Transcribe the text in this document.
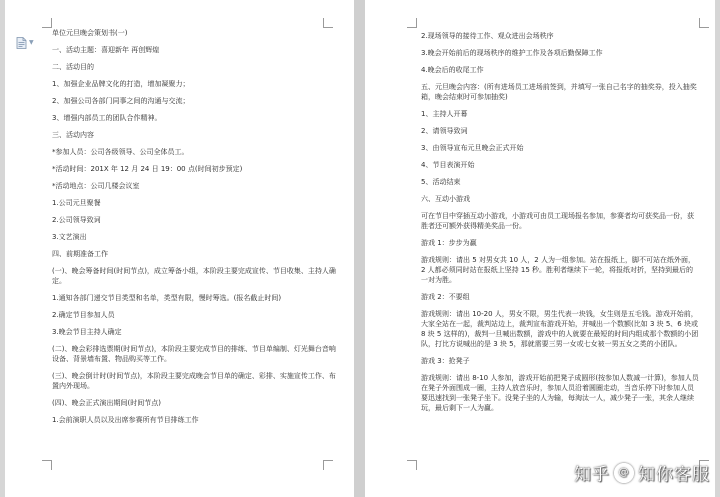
▼
单位元旦晚会策划书(一)
一、活动主题：喜迎新年 再创辉煌
二、活动目的
1、加强企业品牌文化的打造，增加凝聚力；
2、加强公司各部门同事之间的沟通与交流；
3、增强内部员工的团队合作精神。
三、活动内容
*参加人员：公司各级领导、公司全体员工。
*活动时间：201X 年 12 月 24 日 19：00 点(时间初步预定)
*活动地点：公司几楼会议室
1.公司元旦聚餐
2.公司领导致词
3.文艺演出
四、前期准备工作
(一)、晚会筹备时间(时间节点)，成立筹备小组，本阶段主要完成宣传、节目收集、主持人确定。
1.通知各部门递交节目类型和名单，类型有限，慢时筹选。(报名截止时间)
2.确定节目参加人员
3.晚会节目主持人确定
(二)、晚会彩排选票期(时间节点)，本阶段主要完成节目的排练、节目单编制、灯光舞台音响设备、背景墙布置、物品购买等工作。
(三)、晚会倒计时(时间节点)，本阶段主要完成晚会节目单的确定、彩排、实施宣传工作、布置内外现场。
(四)、晚会正式演出期间(时间节点)
1.会前演职人员以及出席参赛所有节目排练工作
2.现场领导的接待工作、观众进出会场秩序
3.晚会开始前后的现场秩序的维护工作及各项后勤保障工作
4.晚会后的收尾工作
五、元旦晚会内容：(所有进场员工进场前签到，并填写一张自己名字的抽奖券，投入抽奖箱，晚会结束时可参加抽奖)
1、主持人开幕
2、请领导致词
3、由领导宣布元旦晚会正式开始
4、节目表演开始
5、活动结束
六、互动小游戏
可在节目中穿插互动小游戏，小游戏可由员工现场报名参加，参赛者均可获奖品一份，获胜者还可额外获得精美奖品一份。
游戏 1：步步为赢
游戏规则：请出 5 对男女共 10 人，2 人为一组参加。站在报纸上，脚不可站在纸外面，2 人都必须同时站在报纸上坚持 15 秒。胜利者继续下一轮，将报纸对折，坚持到最后的一对为胜。
游戏 2：不要组
游戏规则：请出 10-20 人，男女不限，男生代表一块钱，女生则是五毛钱。游戏开始前，大家全站在一起，裁判站边上，裁判宣布游戏开始，并喊出一个数额(比如 3 块 5、6 块或 8 块 5 这样的)，裁判一旦喊出数额，游戏中的人就要在最短的时间内组成那个数额的小团队，打比方说喊出的是 3 块 5，那就需要三男一女或七女被一男五女之类的小团队。
游戏 3：抢凳子
游戏规则：请出 8-10 人参加，游戏开始前把凳子成圆形(按参加人数减一计算)，参加人员在凳子外面围成一圈，主持人放音乐时，参加人员沿着圆圈走动，当音乐停下时参加人员要迅速找到一张凳子坐下。没凳子坐的人为输，每淘汰一人，减少凳子一张，其余人继续玩，最后剩下一人为赢。
知乎 @ 知你客服
